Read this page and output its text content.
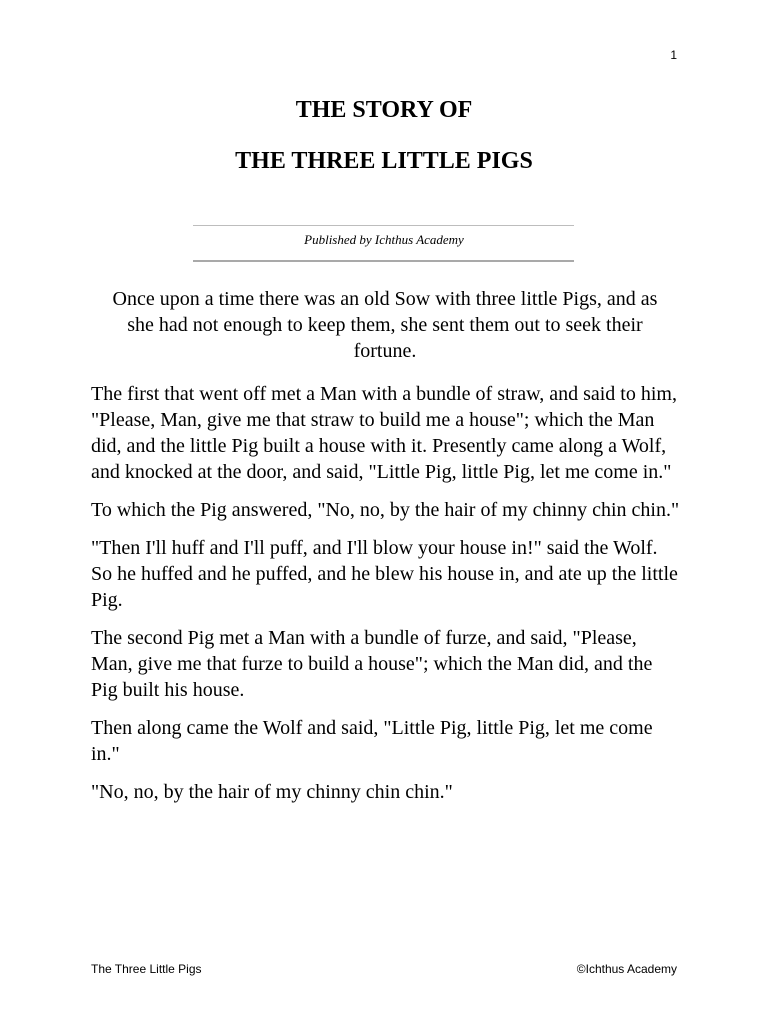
1
THE STORY OF
THE THREE LITTLE PIGS
Published by Ichthus Academy

Once upon a time there was an old Sow with three little Pigs, and as she had not enough to keep them, she sent them out to seek their fortune.

The first that went off met a Man with a bundle of straw, and said to him, "Please, Man, give me that straw to build me a house"; which the Man did, and the little Pig built a house with it. Presently came along a Wolf, and knocked at the door, and said, "Little Pig, little Pig, let me come in."

To which the Pig answered, "No, no, by the hair of my chinny chin chin."

"Then I'll huff and I'll puff, and I'll blow your house in!" said the Wolf. So he huffed and he puffed, and he blew his house in, and ate up the little Pig.

The second Pig met a Man with a bundle of furze, and said, "Please, Man, give me that furze to build a house"; which the Man did, and the Pig built his house.

Then along came the Wolf and said, "Little Pig, little Pig, let me come in."

"No, no, by the hair of my chinny chin chin."

The Three Little Pigs	©Ichthus Academy
